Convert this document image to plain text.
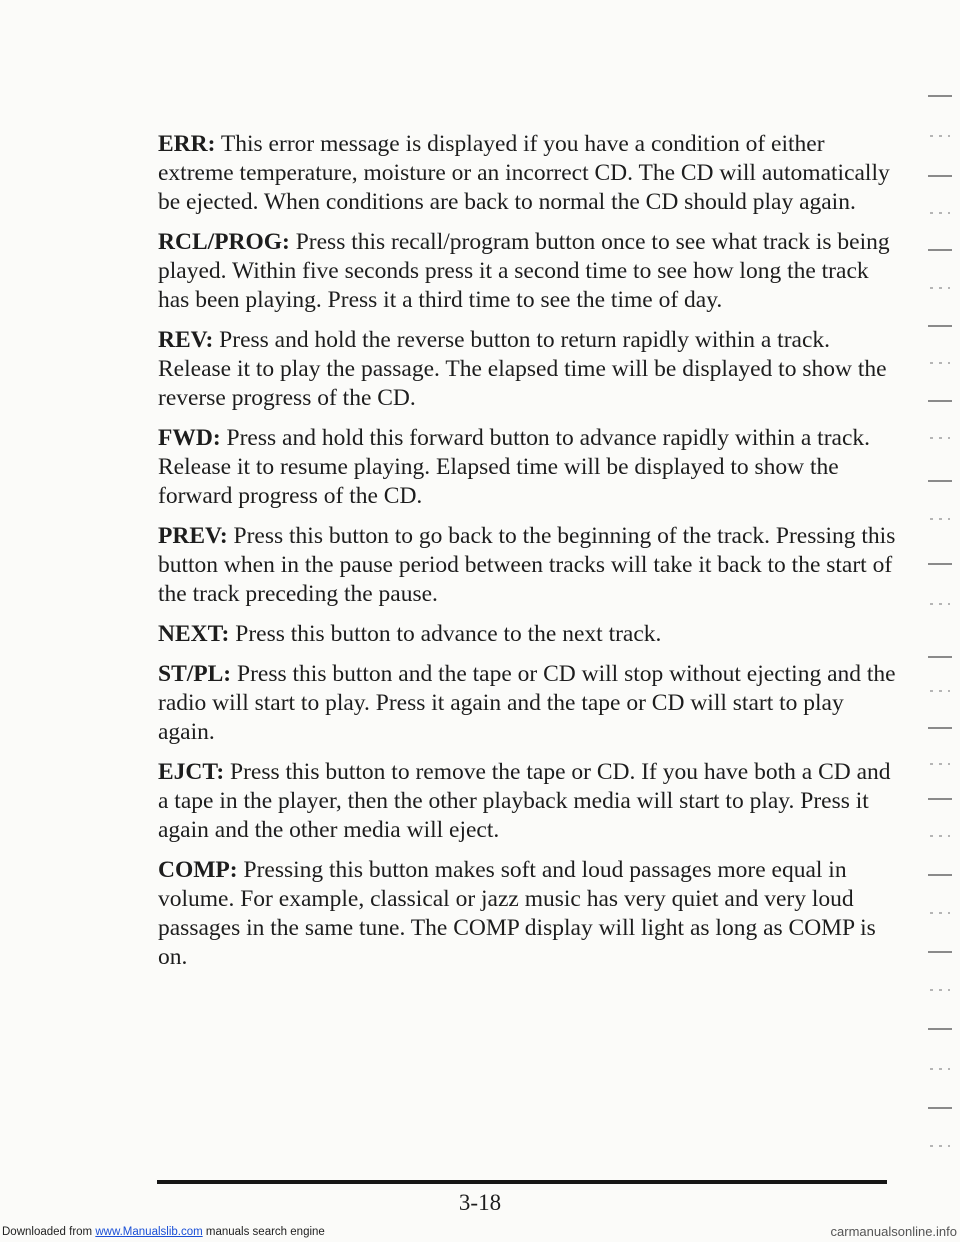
ERR: This error message is displayed if you have a condition of either extreme temperature, moisture or an incorrect CD. The CD will automatically be ejected. When conditions are back to normal the CD should play again.

RCL/PROG: Press this recall/program button once to see what track is being played. Within five seconds press it a second time to see how long the track has been playing. Press it a third time to see the time of day.

REV: Press and hold the reverse button to return rapidly within a track. Release it to play the passage. The elapsed time will be displayed to show the reverse progress of the CD.

FWD: Press and hold this forward button to advance rapidly within a track. Release it to resume playing. Elapsed time will be displayed to show the forward progress of the CD.

PREV: Press this button to go back to the beginning of the track. Pressing this button when in the pause period between tracks will take it back to the start of the track preceding the pause.

NEXT: Press this button to advance to the next track.

ST/PL: Press this button and the tape or CD will stop without ejecting and the radio will start to play. Press it again and the tape or CD will start to play again.

EJCT: Press this button to remove the tape or CD. If you have both a CD and a tape in the player, then the other playback media will start to play. Press it again and the other media will eject.

COMP: Pressing this button makes soft and loud passages more equal in volume. For example, classical or jazz music has very quiet and very loud passages in the same tune. The COMP display will light as long as COMP is on.

3-18
Downloaded from www.Manualslib.com manuals search engine	carmanualsonline.info
